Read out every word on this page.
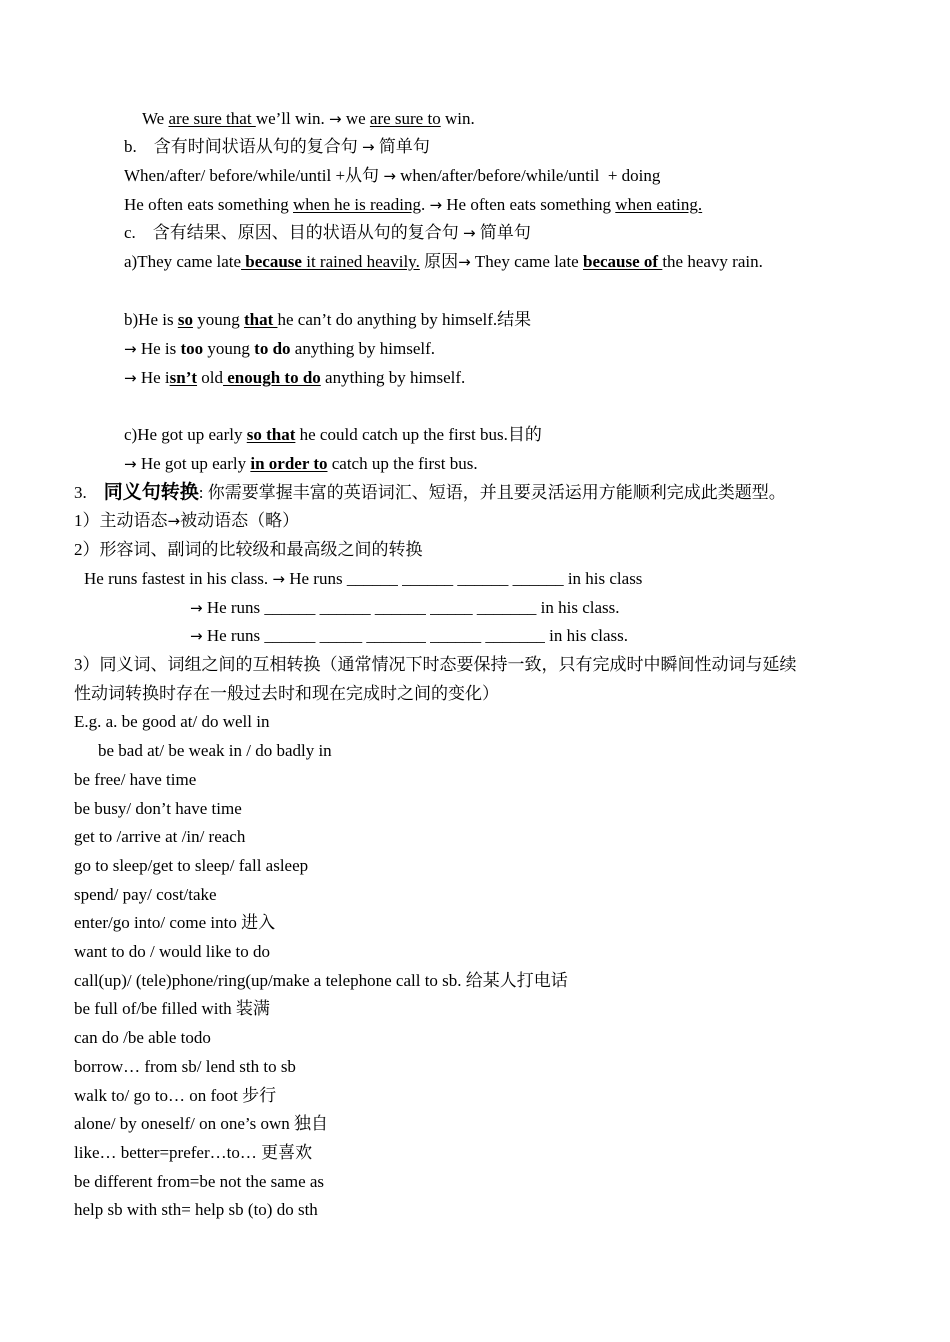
We are sure that we’ll win. → we are sure to win.
b.    含有时间状语从句的复合句 → 简单句
When/after/ before/while/until +从句 → when/after/before/while/until  + doing
He often eats something when he is reading. → He often eats something when eating.
c.    含有结果、原因、目的状语从句的复合句 → 简单句
a)They came late because it rained heavily. 原因→ They came late because of the heavy rain.
b)He is so young that he can’t do anything by himself.结果
→ He is too young to do anything by himself.
→ He isn’t old enough to do anything by himself.
c)He got up early so that he could catch up the first bus.目的
→ He got up early in order to catch up the first bus.
3.    同义句转换: 你需要掌握丰富的英语词汇、短语，并且要灵活运用方能顺利完成此类题型。
1）主动语态→被动语态（略）
2）形容词、副词的比较级和最高级之间的转换
He runs fastest in his class. → He runs ______ ______ ______ ______ in his class
→ He runs ______ ______ ______ _____ _______ in his class.
→ He runs ______ _____ _______ ______ _______ in his class.
3）同义词、词组之间的互相转换（通常情况下时态要保持一致，只有完成时中瞬间性动词与延续
性动词转换时存在一般过去时和现在完成时之间的变化）
E.g. a. be good at/ do well in
be bad at/ be weak in / do badly in
be free/ have time
be busy/ don’t have time
get to /arrive at /in/ reach
go to sleep/get to sleep/ fall asleep
spend/ pay/ cost/take
enter/go into/ come into 进入
want to do / would like to do
call(up)/ (tele)phone/ring(up/make a telephone call to sb. 给某人打电话
be full of/be filled with 装满
can do /be able todo
borrow… from sb/ lend sth to sb
walk to/ go to… on foot 步行
alone/ by oneself/ on one’s own 独自
like… better=prefer…to… 更喜欢
be different from=be not the same as
help sb with sth= help sb (to) do sth
